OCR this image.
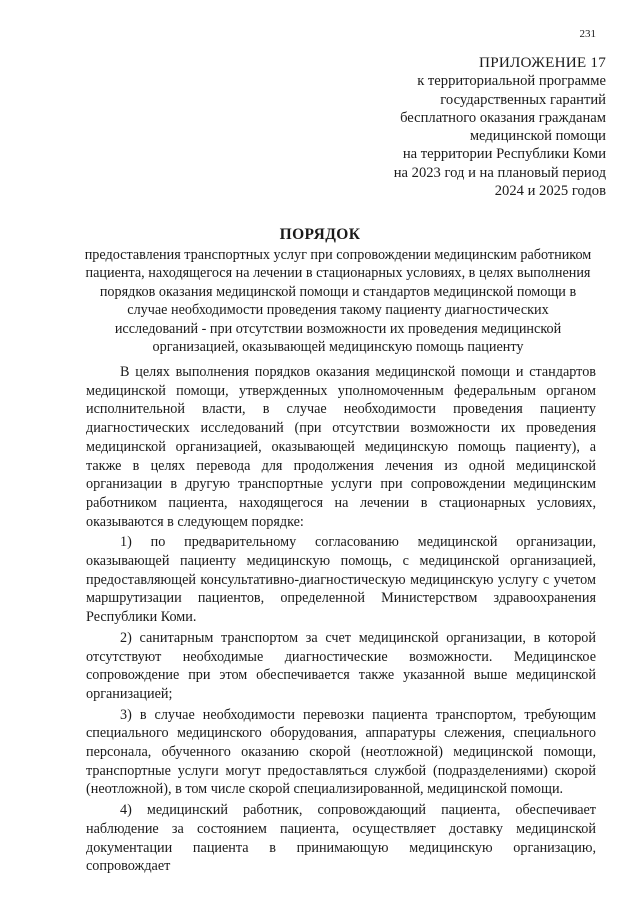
231
ПРИЛОЖЕНИЕ 17
к территориальной программе
государственных гарантий
бесплатного оказания гражданам
медицинской помощи
на территории Республики Коми
на 2023 год и на плановый период
2024 и 2025 годов
ПОРЯДОК
предоставления транспортных услуг при сопровождении медицинским работником пациента, находящегося на лечении в стационарных условиях, в целях выполнения порядков оказания медицинской помощи и стандартов медицинской помощи в случае необходимости проведения такому пациенту диагностических исследований - при отсутствии возможности их проведения медицинской организацией, оказывающей медицинскую помощь пациенту

В целях выполнения порядков оказания медицинской помощи и стандартов медицинской помощи, утвержденных уполномоченным федеральным органом исполнительной власти, в случае необходимости проведения пациенту диагностических исследований (при отсутствии возможности их проведения медицинской организацией, оказывающей медицинскую помощь пациенту), а также в целях перевода для продолжения лечения из одной медицинской организации в другую транспортные услуги при сопровождении медицинским работником пациента, находящегося на лечении в стационарных условиях, оказываются в следующем порядке:

1) по предварительному согласованию медицинской организации, оказывающей пациенту медицинскую помощь, с медицинской организацией, предоставляющей консультативно-диагностическую медицинскую услугу с учетом маршрутизации пациентов, определенной Министерством здравоохранения Республики Коми.

2) санитарным транспортом за счет медицинской организации, в которой отсутствуют необходимые диагностические возможности. Медицинское сопровождение при этом обеспечивается также указанной выше медицинской организацией;

3) в случае необходимости перевозки пациента транспортом, требующим специального медицинского оборудования, аппаратуры слежения, специального персонала, обученного оказанию скорой (неотложной) медицинской помощи, транспортные услуги могут предоставляться службой (подразделениями) скорой (неотложной), в том числе скорой специализированной, медицинской помощи.

4) медицинский работник, сопровождающий пациента, обеспечивает наблюдение за состоянием пациента, осуществляет доставку медицинской документации пациента в принимающую медицинскую организацию, сопровождает
